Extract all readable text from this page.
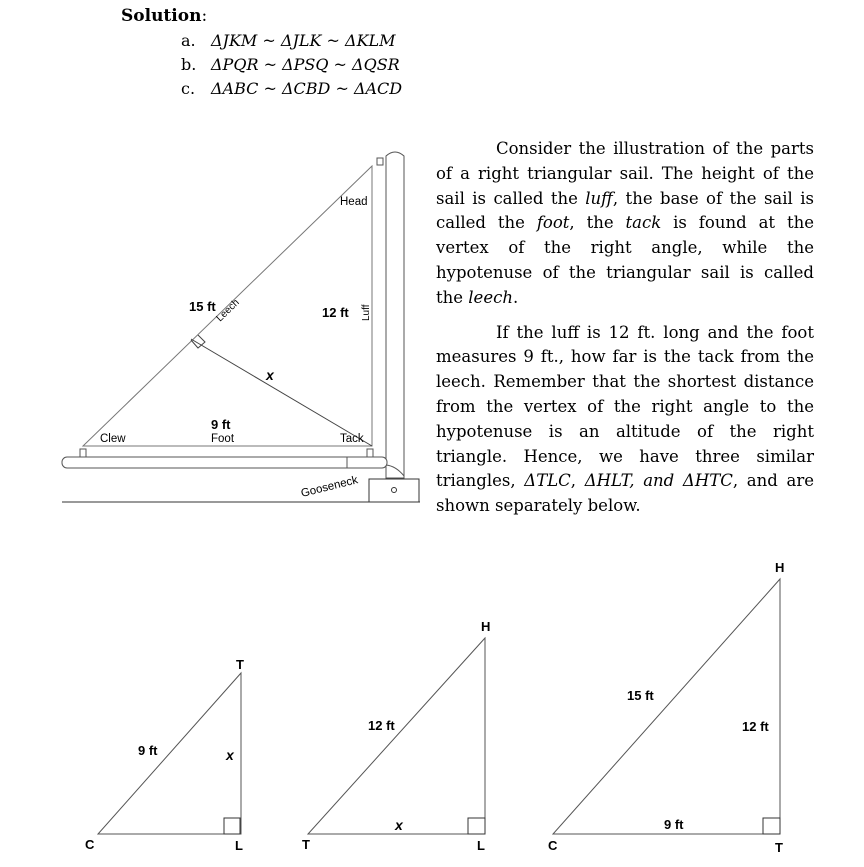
Solution:
a. ΔJKM ~ ΔJLK ~ ΔKLM
b. ΔPQR ~ ΔPSQ ~ ΔQSR
c. ΔABC ~ ΔCBD ~ ΔACD
Head
15 ft
Leech	12 ft Luff
x
9 ft
Foot
Clew	Tack
Gooseneck
T
C	L
9 ft	x
H
T	L
12 ft
x
H
C	T
15 ft
12 ft
9 ft

Consider the illustration of the parts of a right triangular sail. The height of the sail is called the luff, the base of the sail is called the foot, the tack is found at the vertex of the right angle, while the hypotenuse of the triangular sail is called the leech.

If the luff is 12 ft. long and the foot measures 9 ft., how far is the tack from the leech. Remember that the shortest distance from the vertex of the right angle to the hypotenuse is an altitude of the right triangle. Hence, we have three similar triangles, ΔTLC, ΔHLT, and ΔHTC, and are shown separately below.
